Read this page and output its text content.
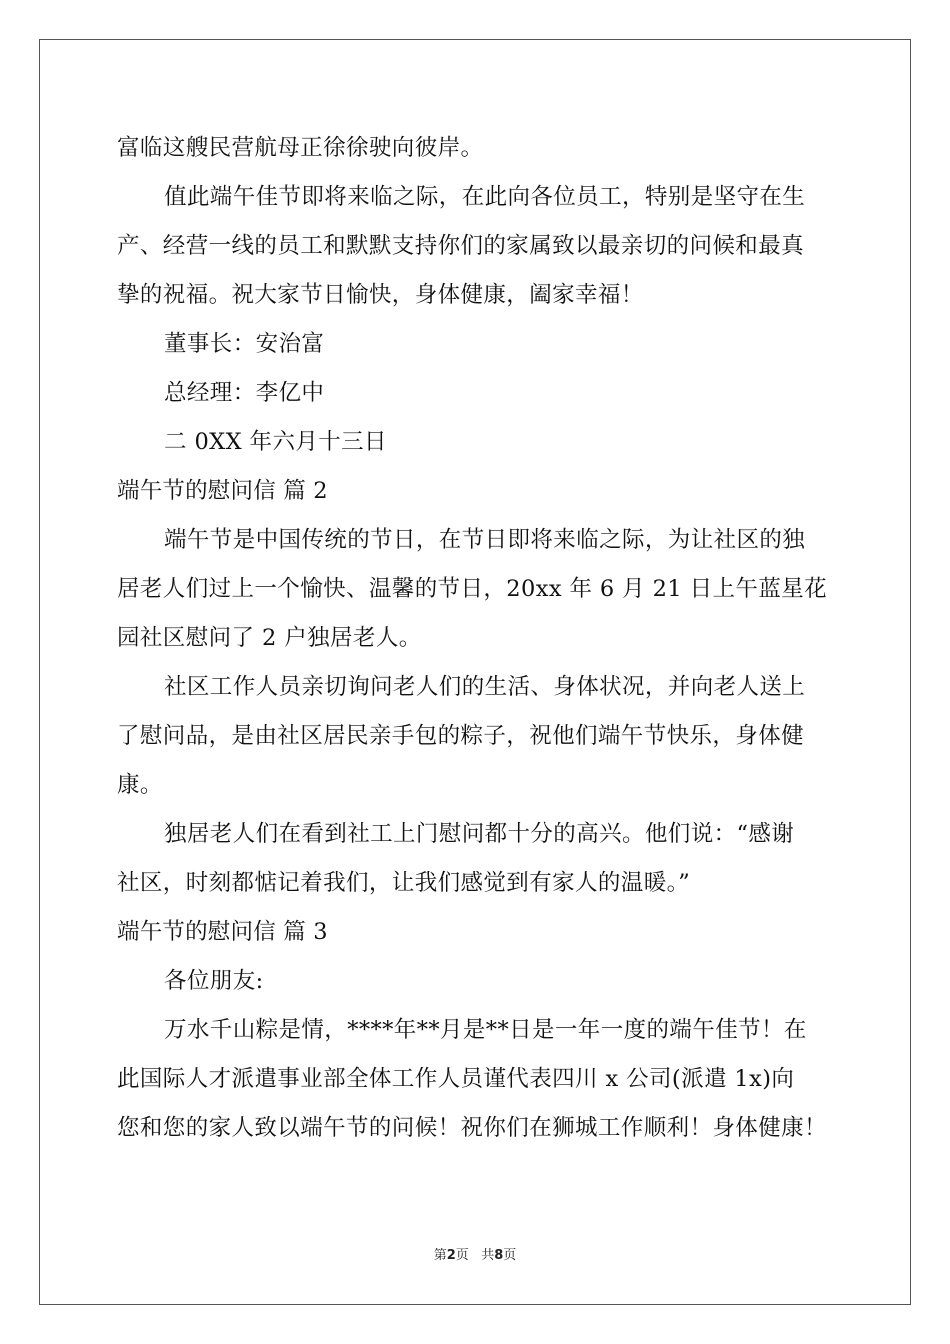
富临这艘民营航母正徐徐驶向彼岸。
值此端午佳节即将来临之际，在此向各位员工，特别是坚守在生
产、经营一线的员工和默默支持你们的家属致以最亲切的问候和最真
挚的祝福。祝大家节日愉快，身体健康，阖家幸福！
董事长：安治富
总经理：李亿中
二 0XX 年六月十三日
端午节的慰问信 篇 2
端午节是中国传统的节日，在节日即将来临之际，为让社区的独
居老人们过上一个愉快、温馨的节日，20xx 年 6 月 21 日上午蓝星花
园社区慰问了 2 户独居老人。
社区工作人员亲切询问老人们的生活、身体状况，并向老人送上
了慰问品，是由社区居民亲手包的粽子，祝他们端午节快乐，身体健
康。
独居老人们在看到社工上门慰问都十分的高兴。他们说：“感谢
社区，时刻都惦记着我们，让我们感觉到有家人的温暖。”
端午节的慰问信 篇 3
各位朋友:
万水千山粽是情，****年**月是**日是一年一度的端午佳节！在
此国际人才派遣事业部全体工作人员谨代表四川 x 公司(派遣 1x)向
您和您的家人致以端午节的问候！祝你们在狮城工作顺利！身体健康！
第2页 共8页
